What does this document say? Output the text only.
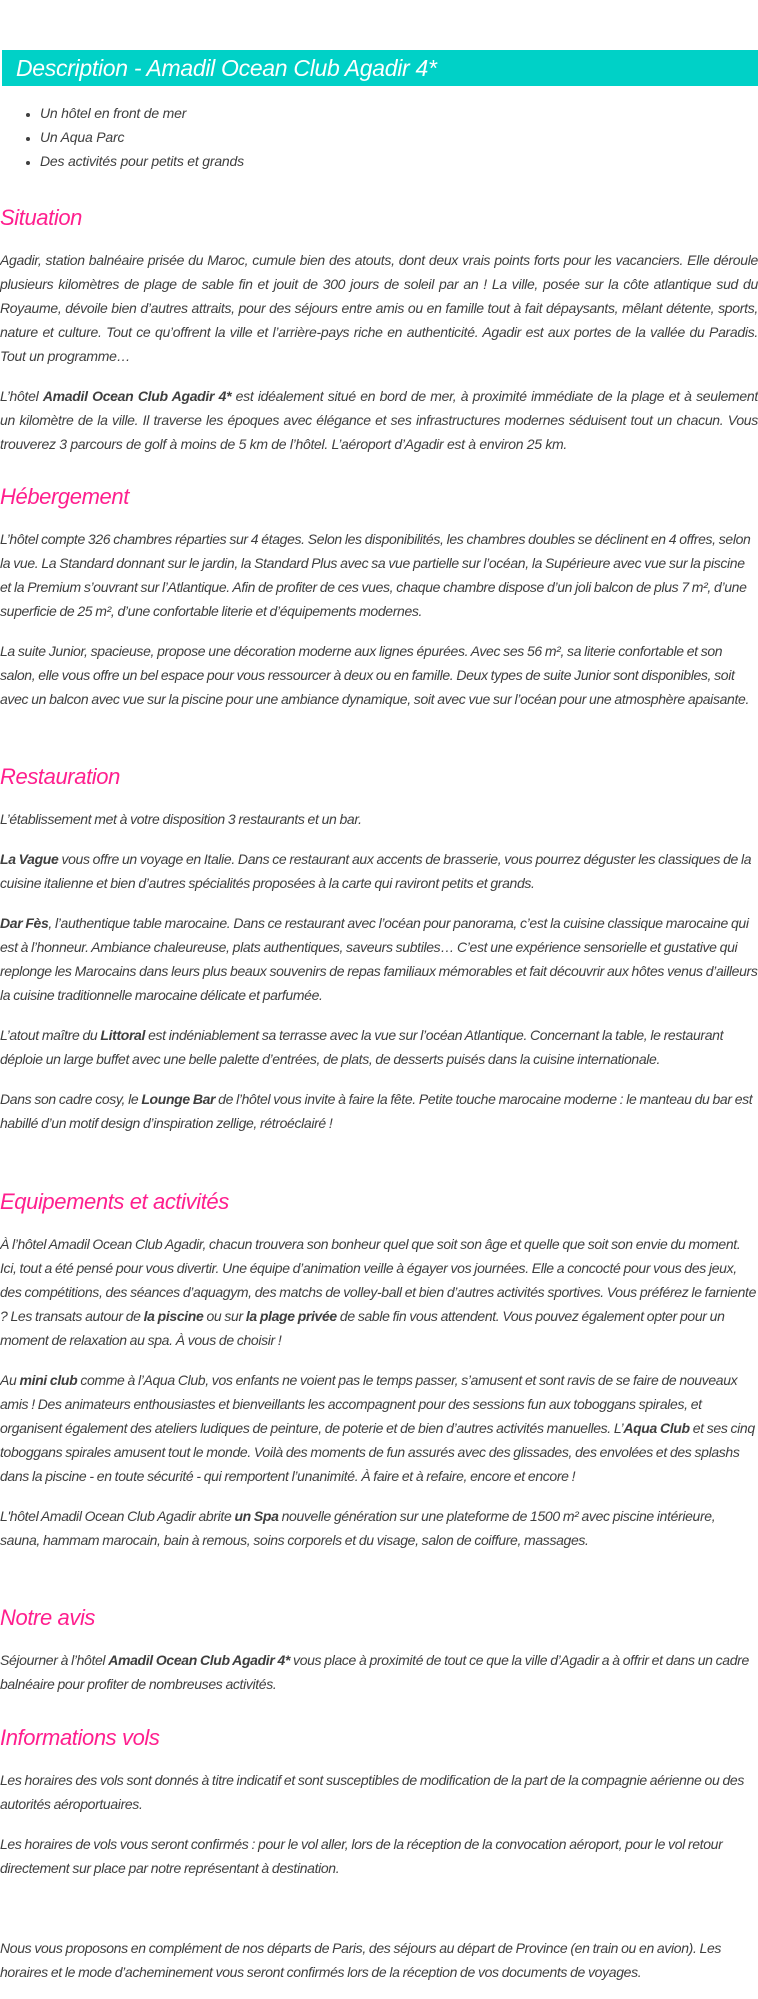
Description - Amadil Ocean Club Agadir 4*
• Un hôtel en front de mer
• Un Aqua Parc
• Des activités pour petits et grands
Situation

Agadir, station balnéaire prisée du Maroc, cumule bien des atouts, dont deux vrais points forts pour les vacanciers. Elle déroule plusieurs kilomètres de plage de sable fin et jouit de 300 jours de soleil par an ! La ville, posée sur la côte atlantique sud du Royaume, dévoile bien d’autres attraits, pour des séjours entre amis ou en famille tout à fait dépaysants, mêlant détente, sports, nature et culture. Tout ce qu’offrent la ville et l’arrière-pays riche en authenticité. Agadir est aux portes de la vallée du Paradis. Tout un programme…

L’hôtel Amadil Ocean Club Agadir 4* est idéalement situé en bord de mer, à proximité immédiate de la plage et à seulement un kilomètre de la ville. Il traverse les époques avec élégance et ses infrastructures modernes séduisent tout un chacun. Vous trouverez 3 parcours de golf à moins de 5 km de l’hôtel. L’aéroport d’Agadir est à environ 25 km.

Hébergement

L’hôtel compte 326 chambres réparties sur 4 étages. Selon les disponibilités, les chambres doubles se déclinent en 4 offres, selon la vue. La Standard donnant sur le jardin, la Standard Plus avec sa vue partielle sur l’océan, la Supérieure avec vue sur la piscine et la Premium s’ouvrant sur l’Atlantique. Afin de profiter de ces vues, chaque chambre dispose d’un joli balcon de plus 7 m², d’une superficie de 25 m², d’une confortable literie et d’équipements modernes.

La suite Junior, spacieuse, propose une décoration moderne aux lignes épurées. Avec ses 56 m², sa literie confortable et son salon, elle vous offre un bel espace pour vous ressourcer à deux ou en famille. Deux types de suite Junior sont disponibles, soit avec un balcon avec vue sur la piscine pour une ambiance dynamique, soit avec vue sur l’océan pour une atmosphère apaisante.

Restauration

L’établissement met à votre disposition 3 restaurants et un bar.

La Vague vous offre un voyage en Italie. Dans ce restaurant aux accents de brasserie, vous pourrez déguster les classiques de la cuisine italienne et bien d’autres spécialités proposées à la carte qui raviront petits et grands.

Dar Fès, l’authentique table marocaine. Dans ce restaurant avec l’océan pour panorama, c’est la cuisine classique marocaine qui est à l’honneur. Ambiance chaleureuse, plats authentiques, saveurs subtiles… C’est une expérience sensorielle et gustative qui replonge les Marocains dans leurs plus beaux souvenirs de repas familiaux mémorables et fait découvrir aux hôtes venus d’ailleurs la cuisine traditionnelle marocaine délicate et parfumée.

L’atout maître du Littoral est indéniablement sa terrasse avec la vue sur l’océan Atlantique. Concernant la table, le restaurant déploie un large buffet avec une belle palette d’entrées, de plats, de desserts puisés dans la cuisine internationale.

Dans son cadre cosy, le Lounge Bar de l’hôtel vous invite à faire la fête. Petite touche marocaine moderne : le manteau du bar est habillé d’un motif design d’inspiration zellige, rétroéclairé !

Equipements et activités

À l’hôtel Amadil Ocean Club Agadir, chacun trouvera son bonheur quel que soit son âge et quelle que soit son envie du moment. Ici, tout a été pensé pour vous divertir. Une équipe d’animation veille à égayer vos journées. Elle a concocté pour vous des jeux, des compétitions, des séances d’aquagym, des matchs de volley-ball et bien d’autres activités sportives. Vous préférez le farniente ? Les transats autour de la piscine ou sur la plage privée de sable fin vous attendent. Vous pouvez également opter pour un moment de relaxation au spa. À vous de choisir !

Au mini club comme à l’Aqua Club, vos enfants ne voient pas le temps passer, s’amusent et sont ravis de se faire de nouveaux amis ! Des animateurs enthousiastes et bienveillants les accompagnent pour des sessions fun aux toboggans spirales, et organisent également des ateliers ludiques de peinture, de poterie et de bien d’autres activités manuelles. L’Aqua Club et ses cinq toboggans spirales amusent tout le monde. Voilà des moments de fun assurés avec des glissades, des envolées et des splashs dans la piscine - en toute sécurité - qui remportent l’unanimité. À faire et à refaire, encore et encore !

L'hôtel Amadil Ocean Club Agadir abrite un Spa nouvelle génération sur une plateforme de 1500 m² avec piscine intérieure, sauna, hammam marocain, bain à remous, soins corporels et du visage, salon de coiffure, massages.

Notre avis

Séjourner à l’hôtel Amadil Ocean Club Agadir 4* vous place à proximité de tout ce que la ville d’Agadir a à offrir et dans un cadre balnéaire pour profiter de nombreuses activités.

Informations vols

Les horaires des vols sont donnés à titre indicatif et sont susceptibles de modification de la part de la compagnie aérienne ou des autorités aéroportuaires.

Les horaires de vols vous seront confirmés : pour le vol aller, lors de la réception de la convocation aéroport, pour le vol retour directement sur place par notre représentant à destination.

Nous vous proposons en complément de nos départs de Paris, des séjours au départ de Province (en train ou en avion). Les horaires et le mode d’acheminement vous seront confirmés lors de la réception de vos documents de voyages.
